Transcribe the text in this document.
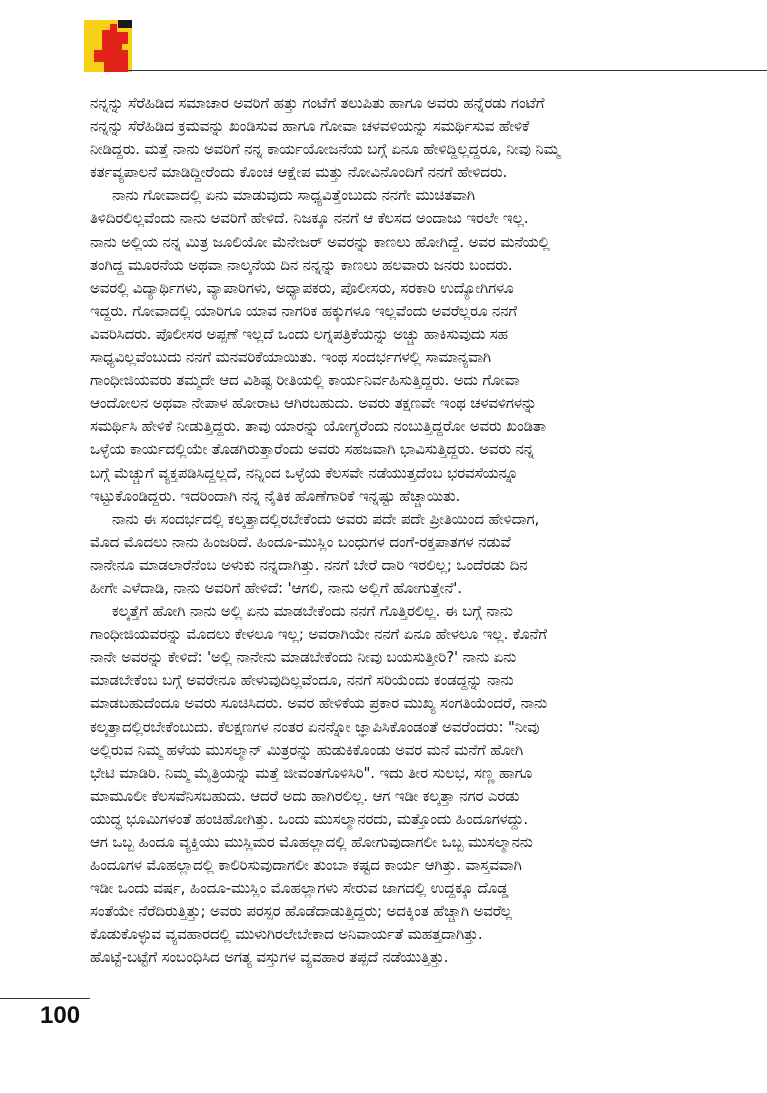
ನನ್ನನ್ನು ಸೆರೆಹಿಡಿದ ಸಮಾಚಾರ ಅವರಿಗೆ ಹತ್ತು ಗಂಟೆಗೆ ತಲುಪಿತು ಹಾಗೂ ಅವರು ಹನ್ನೆರಡು ಗಂಟೆಗೆ
ನನ್ನನ್ನು ಸೆರೆಹಿಡಿದ ಕ್ರಮವನ್ನು ಖಂಡಿಸುವ ಹಾಗೂ ಗೋವಾ ಚಳವಳಿಯನ್ನು ಸಮರ್ಥಿಸುವ ಹೇಳಿಕೆ
ನೀಡಿದ್ದರು. ಮತ್ತೆ ನಾನು ಅವರಿಗೆ ನನ್ನ ಕಾರ್ಯಯೋಜನೆಯ ಬಗ್ಗೆ ಏನೂ ಹೇಳಿದ್ದಿಲ್ಲದ್ದರೂ, ನೀವು ನಿಮ್ಮ
ಕರ್ತವ್ಯಪಾಲನೆ ಮಾಡಿದ್ದೀರೆಂದು ಕೊಂಚ ಆಕ್ಷೇಪ ಮತ್ತು ನೋವಿನೊಂದಿಗೆ ನನಗೆ ಹೇಳಿದರು.

ನಾನು ಗೋವಾದಲ್ಲಿ ಏನು ಮಾಡುವುದು ಸಾಧ್ಯವಿತ್ತೆಂಬುದು ನನಗೇ ಮುಚಿತವಾಗಿ
ತಿಳಿದಿರಲಿಲ್ಲವೆಂದು ನಾನು ಅವರಿಗೆ ಹೇಳಿದೆ. ನಿಜಕ್ಕೂ ನನಗೆ ಆ ಕೆಲಸದ ಅಂದಾಜು ಇರಲೇ ಇಲ್ಲ.
ನಾನು ಅಲ್ಲಿಯ ನನ್ನ ಮಿತ್ರ ಜೂಲಿಯೋ ಮೆನೇಜರ್ ಅವರನ್ನು ಕಾಣಲು ಹೋಗಿದ್ದೆ. ಅವರ ಮನೆಯಲ್ಲಿ
ತಂಗಿದ್ದ ಮೂರನೆಯ ಅಥವಾ ನಾಲ್ಕನೆಯ ದಿನ ನನ್ನನ್ನು ಕಾಣಲು ಹಲವಾರು ಜನರು ಬಂದರು.
ಅವರಲ್ಲಿ ವಿದ್ಯಾರ್ಥಿಗಳು, ವ್ಯಾಪಾರಿಗಳು, ಅಧ್ಯಾಪಕರು, ಪೊಲೀಸರು, ಸರಕಾರಿ ಉದ್ಯೋಗಿಗಳೂ
ಇದ್ದರು. ಗೋವಾದಲ್ಲಿ ಯಾರಿಗೂ ಯಾವ ನಾಗರಿಕ ಹಕ್ಕುಗಳೂ ಇಲ್ಲವೆಂದು ಅವರೆಲ್ಲರೂ ನನಗೆ
ವಿವರಿಸಿದರು. ಪೊಲೀಸರ ಅಪ್ಪಣೆ ಇಲ್ಲದೆ ಒಂದು ಲಗ್ನಪತ್ರಿಕೆಯನ್ನು ಅಚ್ಚು ಹಾಕಿಸುವುದು ಸಹ
ಸಾಧ್ಯವಿಲ್ಲವೆಂಬುದು ನನಗೆ ಮನವರಿಕೆಯಾಯಿತು. ಇಂಥ ಸಂದರ್ಭಗಳಲ್ಲಿ ಸಾಮಾನ್ಯವಾಗಿ
ಗಾಂಧೀಜಿಯವರು ತಮ್ಮದೇ ಆದ ವಿಶಿಷ್ಟ ರೀತಿಯಲ್ಲಿ ಕಾರ್ಯನಿರ್ವಹಿಸುತ್ತಿದ್ದರು. ಅದು ಗೋವಾ
ಆಂದೋಲನ ಅಥವಾ ನೇಪಾಳ ಹೋರಾಟ ಆಗಿರಬಹುದು. ಅವರು ತಕ್ಷಣವೇ ಇಂಥ ಚಳವಳಿಗಳನ್ನು
ಸಮರ್ಥಿಸಿ ಹೇಳಿಕೆ ನೀಡುತ್ತಿದ್ದರು. ತಾವು ಯಾರನ್ನು ಯೋಗ್ಯರೆಂದು ನಂಬುತ್ತಿದ್ದರೋ ಅವರು ಖಂಡಿತಾ
ಒಳ್ಳೆಯ ಕಾರ್ಯದಲ್ಲಿಯೇ ತೊಡಗಿರುತ್ತಾರೆಂದು ಅವರು ಸಹಜವಾಗಿ ಭಾವಿಸುತ್ತಿದ್ದರು. ಅವರು ನನ್ನ
ಬಗ್ಗೆ ಮೆಚ್ಚುಗೆ ವ್ಯಕ್ತಪಡಿಸಿದ್ದಲ್ಲದೆ, ನನ್ನಿಂದ ಒಳ್ಳೆಯ ಕೆಲಸವೇ ನಡೆಯುತ್ತದೆಂಬ ಭರವಸೆಯನ್ನೂ
ಇಟ್ಟುಕೊಂಡಿದ್ದರು. ಇದರಿಂದಾಗಿ ನನ್ನ ನೈತಿಕ ಹೊಣೆಗಾರಿಕೆ ಇನ್ನಷ್ಟು ಹೆಚ್ಚಾಯಿತು.

ನಾನು ಈ ಸಂದರ್ಭದಲ್ಲಿ ಕಲ್ಕತ್ತಾದಲ್ಲಿರಬೇಕೆಂದು ಅವರು ಪದೇ ಪದೇ ಪ್ರೀತಿಯಿಂದ ಹೇಳಿದಾಗ,
ಮೊದ ಮೊದಲು ನಾನು ಹಿಂಜರಿದೆ. ಹಿಂದೂ-ಮುಸ್ಲಿಂ ಬಂಧುಗಳ ದಂಗೆ-ರಕ್ತಪಾತಗಳ ನಡುವೆ
ನಾನೇನೂ ಮಾಡಲಾರೆನೆಂಬ ಅಳುಕು ನನ್ನದಾಗಿತ್ತು. ನನಗೆ ಬೇರೆ ದಾರಿ ಇರಲಿಲ್ಲ; ಒಂದೆರಡು ದಿನ
ಹೀಗೇ ಎಳೆದಾಡಿ, ನಾನು ಅವರಿಗೆ ಹೇಳಿದೆ: 'ಆಗಲಿ, ನಾನು ಅಲ್ಲಿಗೆ ಹೋಗುತ್ತೇನೆ'.

ಕಲ್ಕತ್ತೆಗೆ ಹೋಗಿ ನಾನು ಅಲ್ಲಿ ಏನು ಮಾಡಬೇಕೆಂದು ನನಗೆ ಗೊತ್ತಿರಲಿಲ್ಲ. ಈ ಬಗ್ಗೆ ನಾನು
ಗಾಂಧೀಜಿಯವರನ್ನು ಮೊದಲು ಕೇಳಲೂ ಇಲ್ಲ; ಅವರಾಗಿಯೇ ನನಗೆ ಏನೂ ಹೇಳಲೂ ಇಲ್ಲ. ಕೊನೆಗೆ
ನಾನೇ ಅವರನ್ನು ಕೇಳಿದೆ: 'ಅಲ್ಲಿ ನಾನೇನು ಮಾಡಬೇಕೆಂದು ನೀವು ಬಯಸುತ್ತೀರಿ?' ನಾನು ಏನು
ಮಾಡಬೇಕೆಂಬ ಬಗ್ಗೆ ಅವರೇನೂ ಹೇಳುವುದಿಲ್ಲವೆಂದೂ, ನನಗೆ ಸರಿಯೆಂದು ಕಂಡದ್ದನ್ನು ನಾನು
ಮಾಡಬಹುದೆಂದೂ ಅವರು ಸೂಚಿಸಿದರು. ಅವರ ಹೇಳಿಕೆಯ ಪ್ರಕಾರ ಮುಖ್ಯ ಸಂಗತಿಯೆಂದರೆ, ನಾನು
ಕಲ್ಕತ್ತಾದಲ್ಲಿರಬೇಕೆಂಬುದು. ಕೆಲಕ್ಷಣಗಳ ನಂತರ ಏನನ್ನೋ ಜ್ಞಾಪಿಸಿಕೊಂಡಂತೆ ಅವರೆಂದರು: "ನೀವು
ಅಲ್ಲಿರುವ ನಿಮ್ಮ ಹಳೆಯ ಮುಸಲ್ಮಾನ್ ಮಿತ್ರರನ್ನು ಹುಡುಕಿಕೊಂಡು ಅವರ ಮನೆ ಮನೆಗೆ ಹೋಗಿ
ಭೇಟಿ ಮಾಡಿರಿ. ನಿಮ್ಮ ಮೈತ್ರಿಯನ್ನು ಮತ್ತೆ ಜೀವಂತಗೊಳಿಸಿರಿ". ಇದು ತೀರ ಸುಲಭ, ಸಣ್ಣ ಹಾಗೂ
ಮಾಮೂಲೀ ಕೆಲಸವೆನಿಸಬಹುದು. ಆದರೆ ಅದು ಹಾಗಿರಲಿಲ್ಲ. ಆಗ ಇಡೀ ಕಲ್ಕತ್ತಾ ನಗರ ಎರಡು
ಯುದ್ಧ ಭೂಮಿಗಳಂತೆ ಹಂಚಿಹೋಗಿತ್ತು. ಒಂದು ಮುಸಲ್ಮಾನರದು, ಮತ್ತೊಂದು ಹಿಂದೂಗಳದ್ದು.
ಆಗ ಒಬ್ಬ ಹಿಂದೂ ವ್ಯಕ್ತಿಯು ಮುಸ್ಲಿಮರ ಮೊಹಲ್ಲಾದಲ್ಲಿ ಹೋಗುವುದಾಗಲೀ ಒಬ್ಬ ಮುಸಲ್ಮಾನನು
ಹಿಂದೂಗಳ ಮೊಹಲ್ಲಾದಲ್ಲಿ ಕಾಲಿರಿಸುವುದಾಗಲೀ ತುಂಬಾ ಕಷ್ಟದ ಕಾರ್ಯ ಆಗಿತ್ತು. ವಾಸ್ತವವಾಗಿ
ಇಡೀ ಒಂದು ವರ್ಷ, ಹಿಂದೂ-ಮುಸ್ಲಿಂ ಮೊಹಲ್ಲಾಗಳು ಸೇರುವ ಜಾಗದಲ್ಲಿ ಉದ್ದಕ್ಕೂ ದೊಡ್ಡ
ಸಂತೆಯೇ ನೆರೆದಿರುತ್ತಿತ್ತು; ಅವರು ಪರಸ್ಪರ ಹೊಡೆದಾಡುತ್ತಿದ್ದರು; ಅದಕ್ಕಿಂತ ಹೆಚ್ಚಾಗಿ ಅವರೆಲ್ಲ
ಕೊಡುಕೊಳ್ಳುವ ವ್ಯವಹಾರದಲ್ಲಿ ಮುಳುಗಿರಲೇಬೇಕಾದ ಅನಿವಾರ್ಯತೆ ಮಹತ್ತದಾಗಿತ್ತು.
ಹೊಟ್ಟೆ-ಬಟ್ಟೆಗೆ ಸಂಬಂಧಿಸಿದ ಅಗತ್ಯ ವಸ್ತುಗಳ ವ್ಯವಹಾರ ತಪ್ಪದೆ ನಡೆಯುತ್ತಿತ್ತು.

100
